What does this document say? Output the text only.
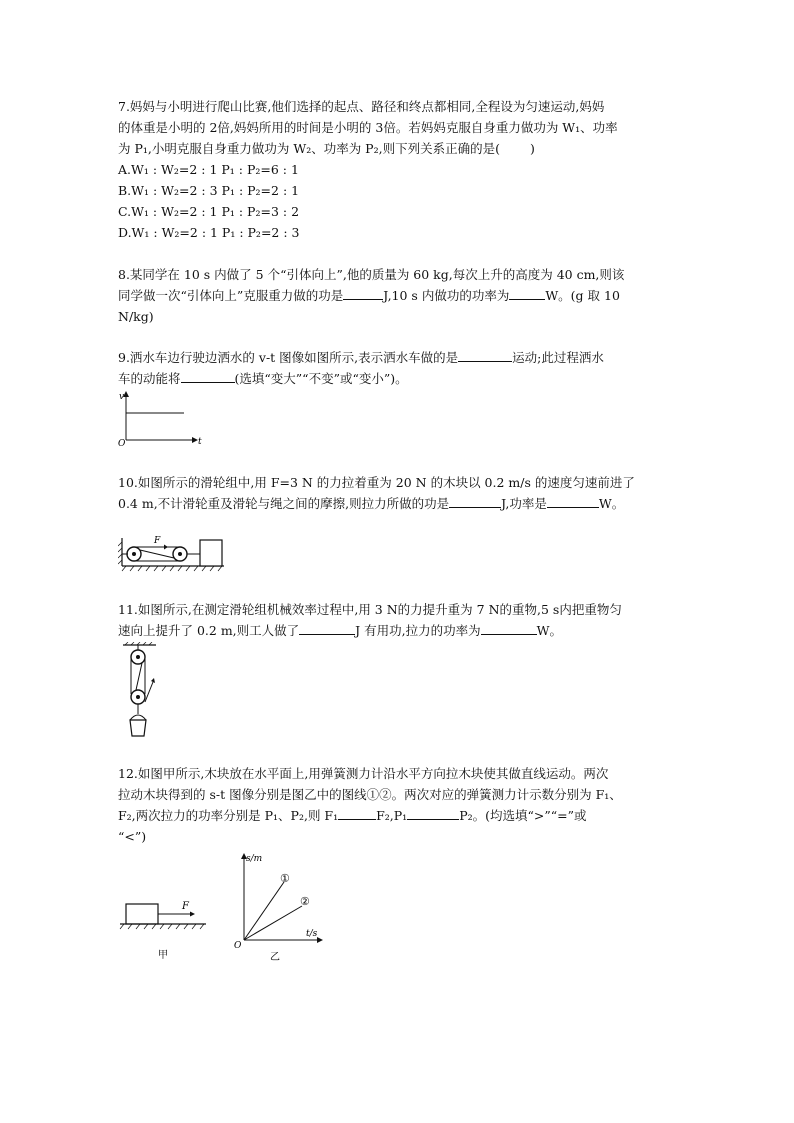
7.妈妈与小明进行爬山比赛,他们选择的起点、路径和终点都相同,全程设为匀速运动,妈妈

的体重是小明的 2倍,妈妈所用的时间是小明的 3倍。若妈妈克服自身重力做功为 W₁、功率

为 P₁,小明克服自身重力做功为 W₂、功率为 P₂,则下列关系正确的是( )

A.W₁ : W₂=2 : 1 P₁ : P₂=6 : 1

B.W₁ : W₂=2 : 3 P₁ : P₂=2 : 1

C.W₁ : W₂=2 : 1 P₁ : P₂=3 : 2

D.W₁ : W₂=2 : 1 P₁ : P₂=2 : 3

8.某同学在 10 s 内做了 5 个“引体向上”,他的质量为 60 kg,每次上升的高度为 40 cm,则该

同学做一次“引体向上”克服重力做的功是	J,10 s 内做功的功率为	W。(g 取 10

N/kg)

9.洒水车边行驶边洒水的 v-t 图像如图所示,表示洒水车做的是	运动;此过程洒水

车的动能将	(选填“变大”“不变”或“变小”)。

v
t
O

10.如图所示的滑轮组中,用 F=3 N 的力拉着重为 20 N 的木块以 0.2 m/s 的速度匀速前进了

0.4 m,不计滑轮重及滑轮与绳之间的摩擦,则拉力所做的功是	J,功率是	W。

F

11.如图所示,在测定滑轮组机械效率过程中,用 3 N的力提升重为 7 N的重物,5 s内把重物匀

速向上提升了 0.2 m,则工人做了	J 有用功,拉力的功率为	W。

12.如图甲所示,木块放在水平面上,用弹簧测力计沿水平方向拉木块使其做直线运动。两次

拉动木块得到的 s-t 图像分别是图乙中的图线①②。两次对应的弹簧测力计示数分别为 F₁、

F₂,两次拉力的功率分别是 P₁、P₂,则 F₁	F₂,P₁	P₂。(均选填“>”“=”或

“<”)

F
甲
s/m
t/s
O
①
②
乙
